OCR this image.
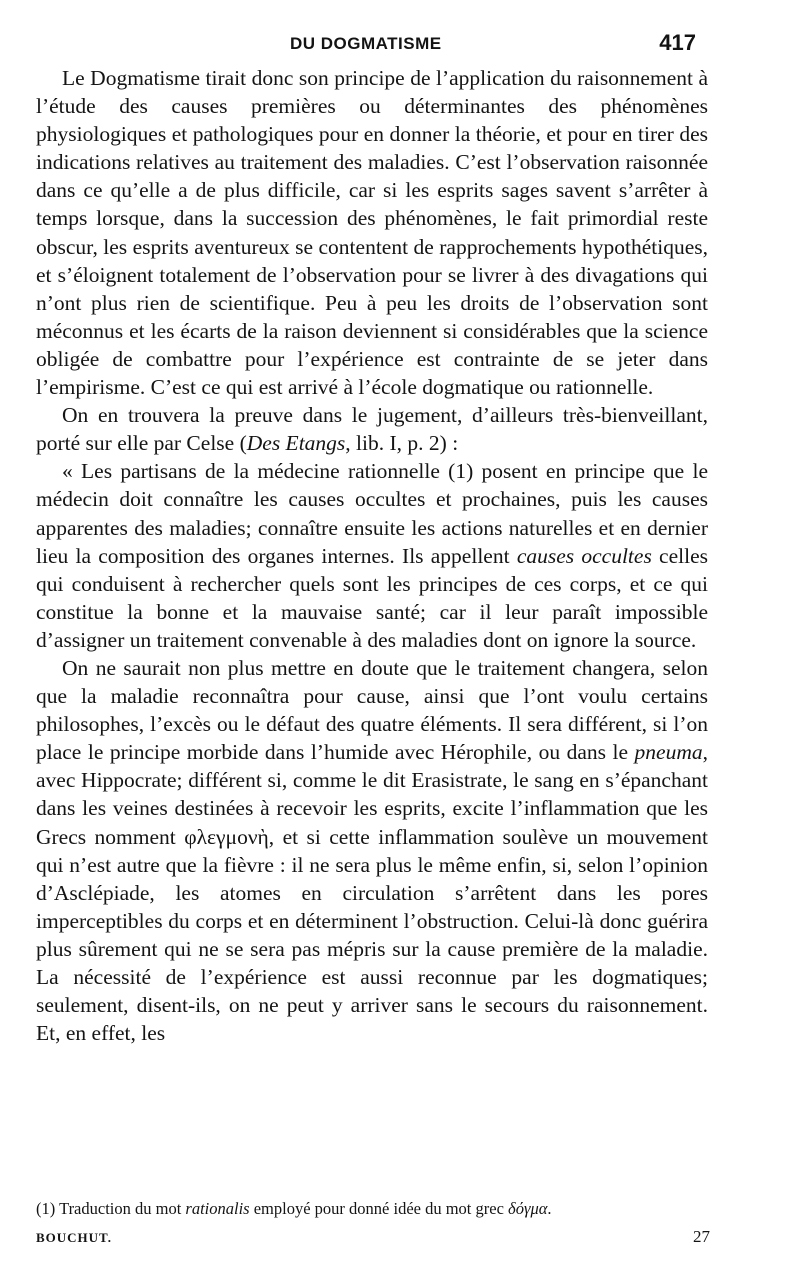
DU DOGMATISME	417

Le Dogmatisme tirait donc son principe de l’application du raisonnement à l’étude des causes premières ou déterminantes des phénomènes physiologiques et pathologiques pour en donner la théorie, et pour en tirer des indications relatives au traitement des maladies. C’est l’observation raisonnée dans ce qu’elle a de plus difficile, car si les esprits sages savent s’arrêter à temps lorsque, dans la succession des phénomènes, le fait primordial reste obscur, les esprits aventureux se contentent de rapprochements hypothétiques, et s’éloignent totalement de l’observation pour se livrer à des divagations qui n’ont plus rien de scientifique. Peu à peu les droits de l’observation sont méconnus et les écarts de la raison deviennent si considérables que la science obligée de combattre pour l’expérience est contrainte de se jeter dans l’empirisme. C’est ce qui est arrivé à l’école dogmatique ou rationnelle.

On en trouvera la preuve dans le jugement, d’ailleurs très-bienveillant, porté sur elle par Celse (Des Etangs, lib. I, p. 2) :

« Les partisans de la médecine rationnelle (1) posent en principe que le médecin doit connaître les causes occultes et prochaines, puis les causes apparentes des maladies; connaître ensuite les actions naturelles et en dernier lieu la composition des organes internes. Ils appellent causes occultes celles qui conduisent à rechercher quels sont les principes de ces corps, et ce qui constitue la bonne et la mauvaise santé; car il leur paraît impossible d’assigner un traitement convenable à des maladies dont on ignore la source.

On ne saurait non plus mettre en doute que le traitement changera, selon que la maladie reconnaîtra pour cause, ainsi que l’ont voulu certains philosophes, l’excès ou le défaut des quatre éléments. Il sera différent, si l’on place le principe morbide dans l’humide avec Hérophile, ou dans le pneuma, avec Hippocrate; différent si, comme le dit Erasistrate, le sang en s’épanchant dans les veines destinées à recevoir les esprits, excite l’inflammation que les Grecs nomment φλεγμονὴ, et si cette inflammation soulève un mouvement qui n’est autre que la fièvre : il ne sera plus le même enfin, si, selon l’opinion d’Asclépiade, les atomes en circulation s’arrêtent dans les pores imperceptibles du corps et en déterminent l’obstruction. Celui-là donc guérira plus sûrement qui ne se sera pas mépris sur la cause première de la maladie. La nécessité de l’expérience est aussi reconnue par les dogmatiques; seulement, disent-ils, on ne peut y arriver sans le secours du raisonnement. Et, en effet, les

(1) Traduction du mot rationalis employé pour donné idée du mot grec δόγμα.
BOUCHUT.	27
